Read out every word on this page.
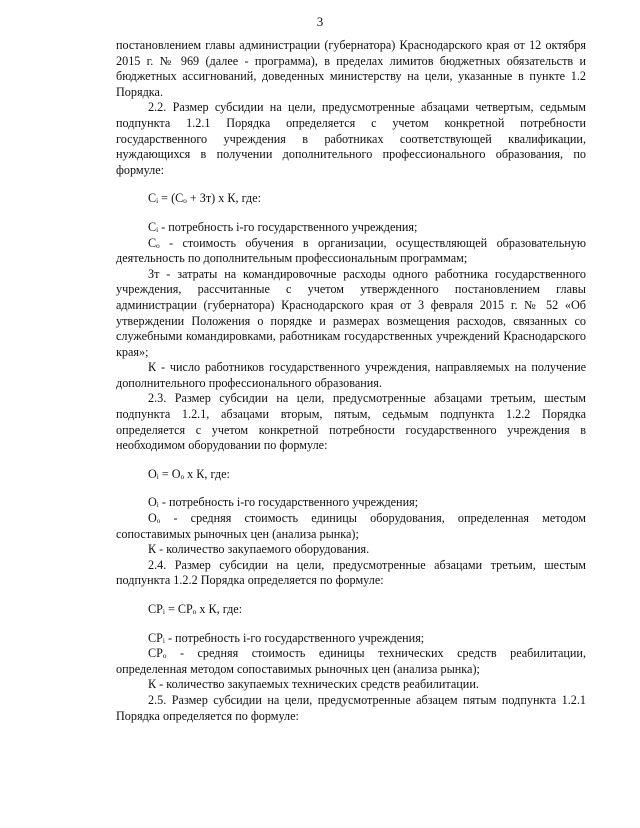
3

постановлением главы администрации (губернатора) Краснодарского края от 12 октября 2015 г. № 969 (далее - программа), в пределах лимитов бюджетных обязательств и бюджетных ассигнований, доведенных министерству на цели, указанные в пункте 1.2 Порядка.

2.2. Размер субсидии на цели, предусмотренные абзацами четвертым, седьмым подпункта 1.2.1 Порядка определяется с учетом конкретной потребности государственного учреждения в работниках соответствующей квалификации, нуждающихся в получении дополнительного профессионального образования, по формуле:

Cᵢ = (Cₒ + Зт) x К, где:

Cᵢ - потребность i-го государственного учреждения;

Cₒ - стоимость обучения в организации, осуществляющей образовательную деятельность по дополнительным профессиональным программам;

Зт - затраты на командировочные расходы одного работника государственного учреждения, рассчитанные с учетом утвержденного постановлением главы администрации (губернатора) Краснодарского края от 3 февраля 2015 г. № 52 «Об утверждении Положения о порядке и размерах возмещения расходов, связанных со служебными командировками, работникам государственных учреждений Краснодарского края»;

К - число работников государственного учреждения, направляемых на получение дополнительного профессионального образования.

2.3. Размер субсидии на цели, предусмотренные абзацами третьим, шестым подпункта 1.2.1, абзацами вторым, пятым, седьмым подпункта 1.2.2 Порядка определяется с учетом конкретной потребности государственного учреждения в необходимом оборудовании по формуле:

Oᵢ = Oₒ x К, где:

Oᵢ - потребность i-го государственного учреждения;

Oₒ - средняя стоимость единицы оборудования, определенная методом сопоставимых рыночных цен (анализа рынка);

К - количество закупаемого оборудования.

2.4. Размер субсидии на цели, предусмотренные абзацами третьим, шестым подпункта 1.2.2 Порядка определяется по формуле:

CPᵢ = CPₒ x К, где:

CPᵢ - потребность i-го государственного учреждения;

CPₒ - средняя стоимость единицы технических средств реабилитации, определенная методом сопоставимых рыночных цен (анализа рынка);

К - количество закупаемых технических средств реабилитации.

2.5. Размер субсидии на цели, предусмотренные абзацем пятым подпункта 1.2.1 Порядка определяется по формуле:
